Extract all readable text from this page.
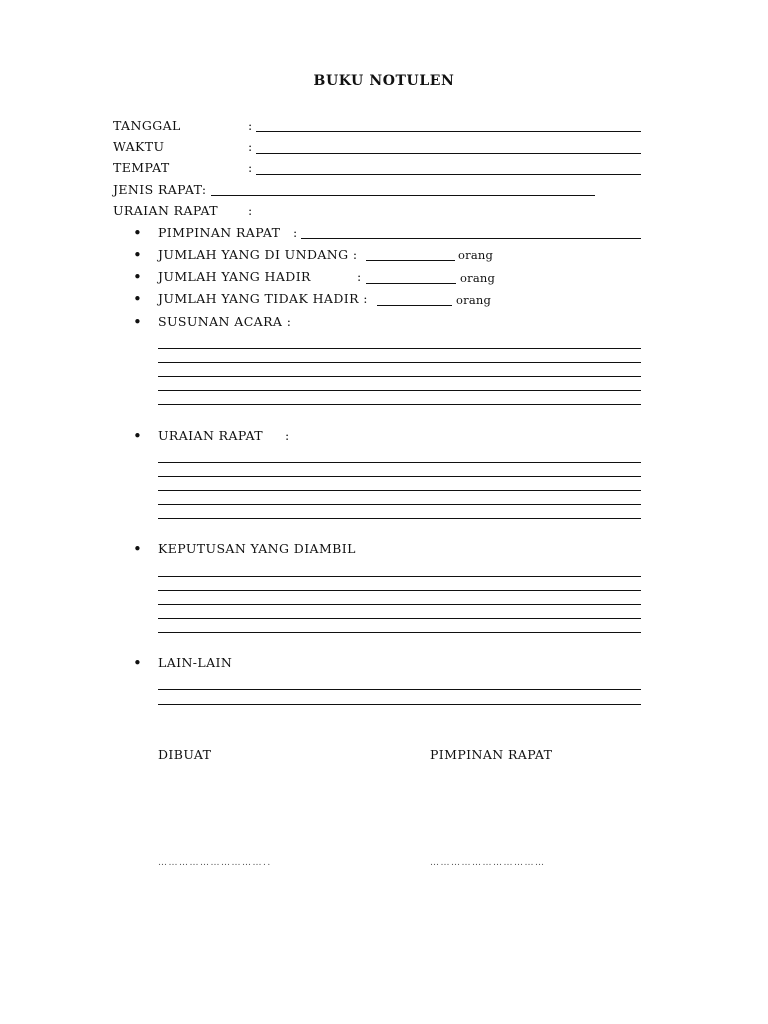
BUKU NOTULEN
TANGGAL	:
WAKTU	:
TEMPAT	:
JENIS RAPAT:
URAIAN RAPAT :
• PIMPINAN RAPAT :
• JUMLAH YANG DI UNDANG :	orang
• JUMLAH YANG HADIR	:	orang
• JUMLAH YANG TIDAK HADIR :	orang
• SUSUNAN ACARA :
• URAIAN RAPAT :
• KEPUTUSAN YANG DIAMBIL
• LAIN-LAIN
DIBUAT	PIMPINAN RAPAT
…………………………..	……………………………
